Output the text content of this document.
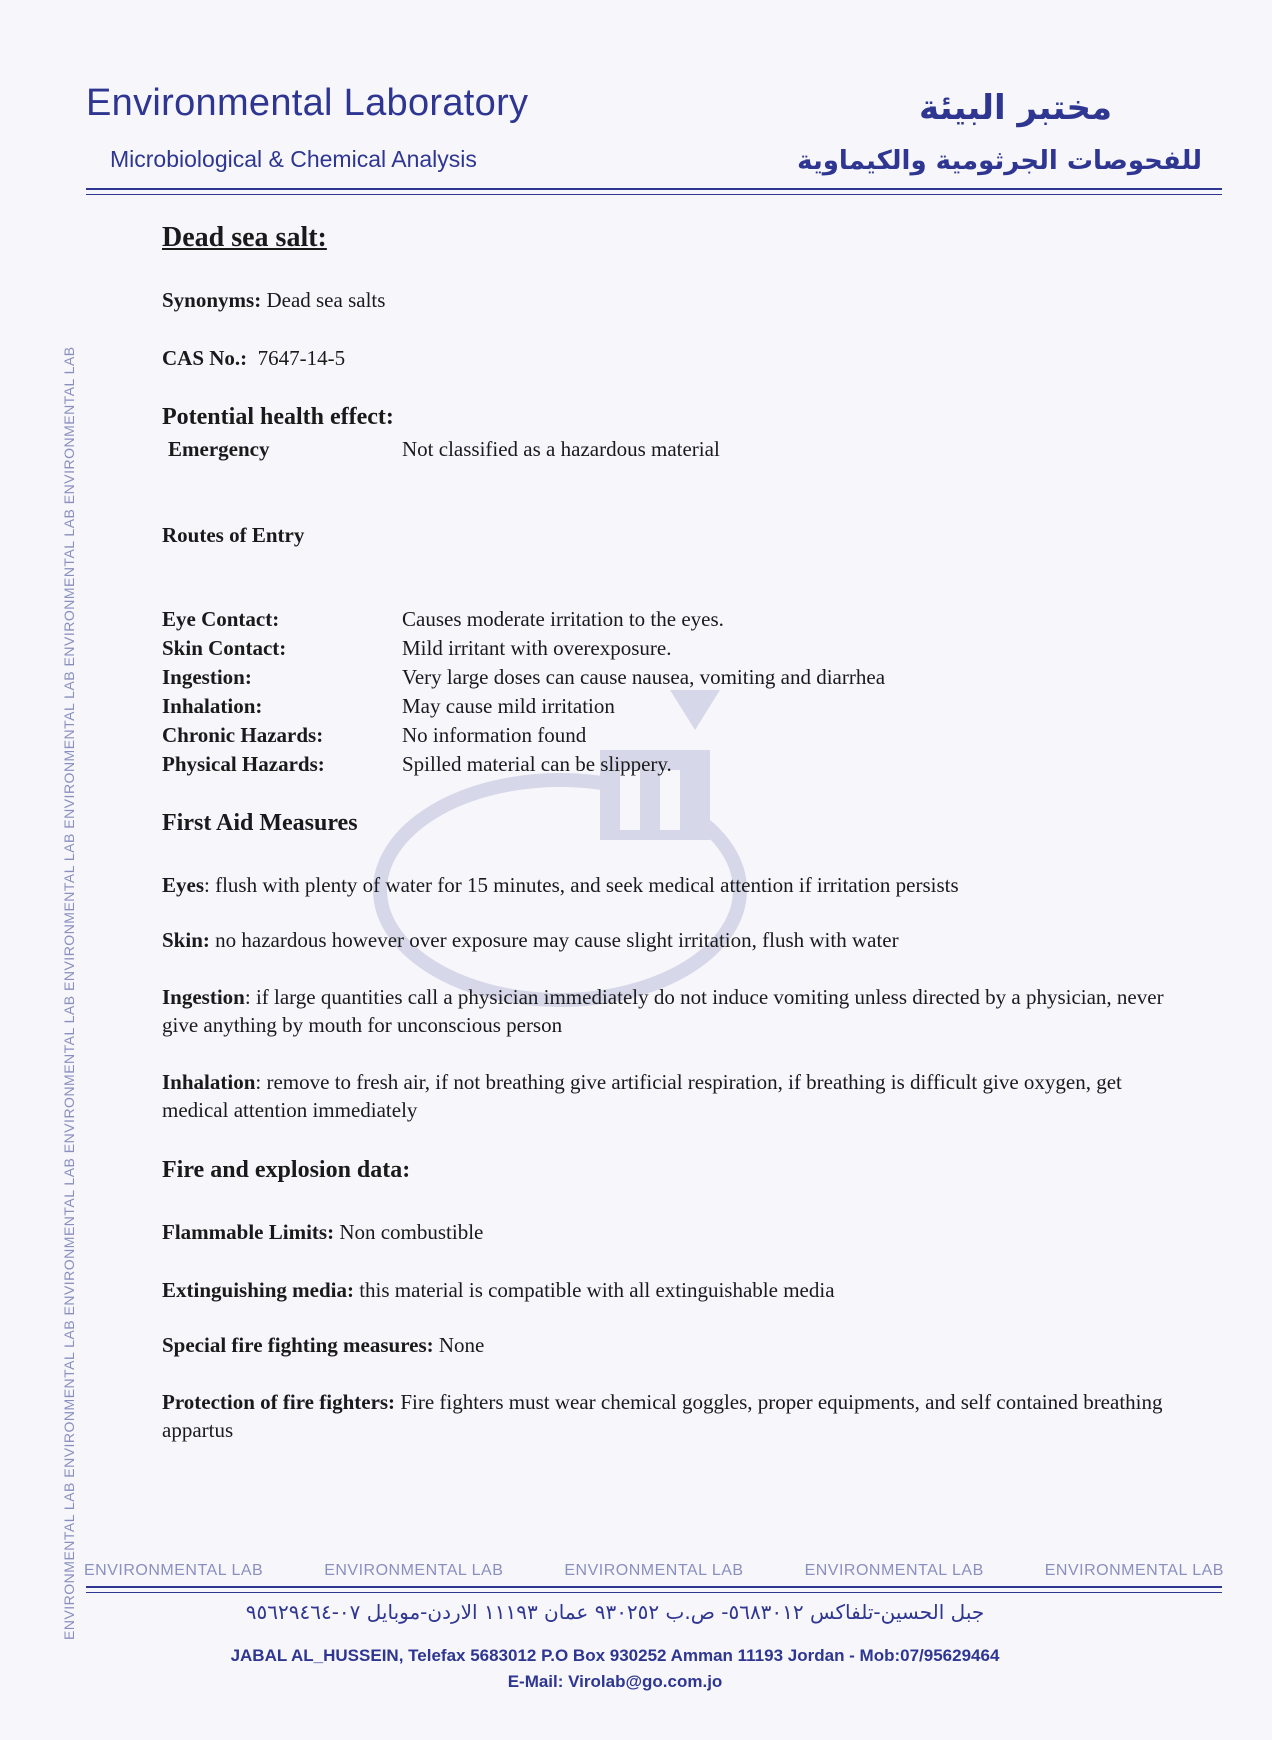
ENVIRONMENTAL LAB ENVIRONMENTAL LAB ENVIRONMENTAL LAB ENVIRONMENTAL LAB ENVIRONMENTAL LAB ENVIRONMENTAL LAB ENVIRONMENTAL LAB ENVIRONMENTAL LAB
Environmental Laboratory
Microbiological & Chemical Analysis
مختبر البيئة
للفحوصات الجرثومية والكيماوية
Dead sea salt:
Synonyms: Dead sea salts
CAS No.: 7647-14-5
Potential health effect:
Emergency	Not classified as a hazardous material
Routes of Entry
Eye Contact:	Causes moderate irritation to the eyes.
Skin Contact:	Mild irritant with overexposure.
Ingestion:	Very large doses can cause nausea, vomiting and diarrhea
Inhalation:	May cause mild irritation
Chronic Hazards:	No information found
Physical Hazards:	Spilled material can be slippery.
First Aid Measures
Eyes: flush with plenty of water for 15 minutes, and seek medical attention if irritation persists
Skin: no hazardous however over exposure may cause slight irritation, flush with water
Ingestion: if large quantities call a physician immediately do not induce vomiting unless directed by a physician, never give anything by mouth for unconscious person
Inhalation: remove to fresh air, if not breathing give artificial respiration, if breathing is difficult give oxygen, get medical attention immediately
Fire and explosion data:
Flammable Limits: Non combustible
Extinguishing media: this material is compatible with all extinguishable media
Special fire fighting measures: None
Protection of fire fighters: Fire fighters must wear chemical goggles, proper equipments, and self contained breathing appartus
ENVIRONMENTAL LAB	ENVIRONMENTAL LAB	ENVIRONMENTAL LAB	ENVIRONMENTAL LAB	ENVIRONMENTAL LAB
جبل الحسين-تلفاكس ٥٦٨٣٠١٢- ص.ب ٩٣٠٢٥٢ عمان ١١١٩٣ الاردن-موبايل ٠٧-٩٥٦٢٩٤٦٤
JABAL AL_HUSSEIN, Telefax 5683012 P.O Box 930252 Amman 11193 Jordan - Mob:07/95629464
E-Mail: Virolab@go.com.jo
